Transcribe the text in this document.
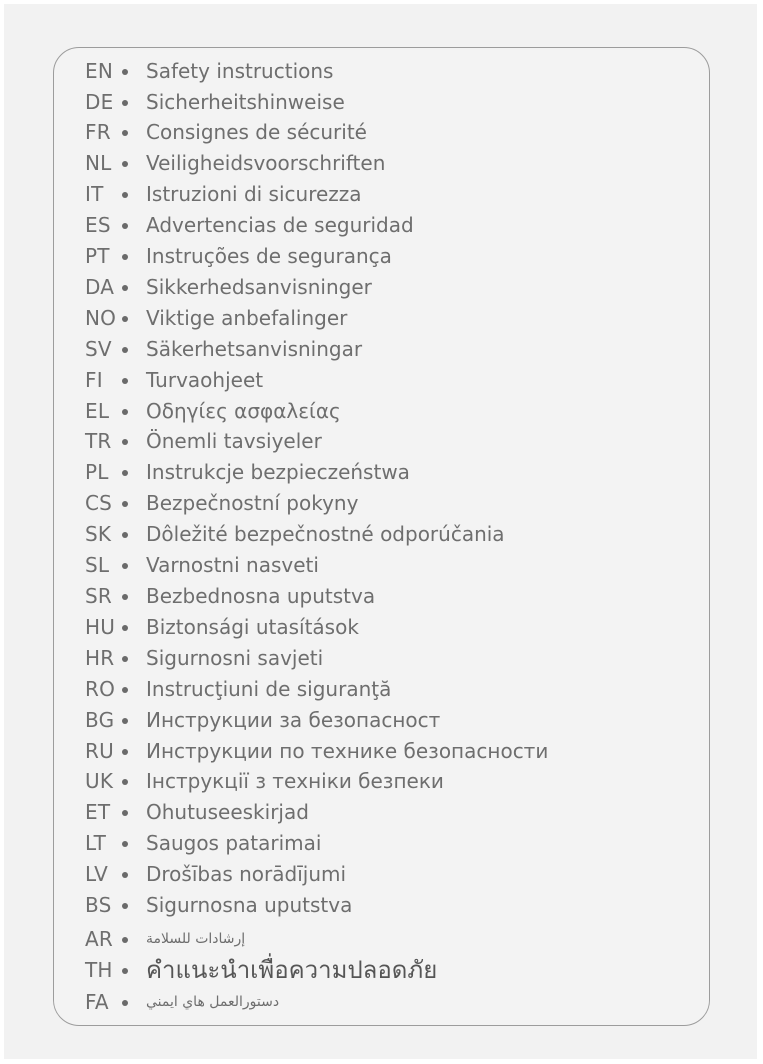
EN Safety instructions
DE Sicherheitshinweise
FR Consignes de sécurité
NL Veiligheidsvoorschriften
IT Istruzioni di sicurezza
ES Advertencias de seguridad
PT Instruções de segurança
DA Sikkerhedsanvisninger
NO Viktige anbefalinger
SV Säkerhetsanvisningar
FI Turvaohjeet
EL Οδηγίες ασφαλείας
TR Önemli tavsiyeler
PL Instrukcje bezpieczeństwa
CS Bezpečnostní pokyny
SK Dôležité bezpečnostné odporúčania
SL Varnostni nasveti
SR Bezbednosna uputstva
HU Biztonsági utasítások
HR Sigurnosni savjeti
RO Instrucţiuni de siguranţă
BG Инструкции за безопасност
RU Инструкции по технике безопасности
UK Інструкції з техніки безпеки
ET Ohutuseeskirjad
LT Saugos patarimai
LV Drošības norādījumi
BS Sigurnosna uputstva
AR إرشادات للسلامة
TH คำแนะนำเพื่อความปลอดภัย
FA	دستورالعمل هاي ايمني
